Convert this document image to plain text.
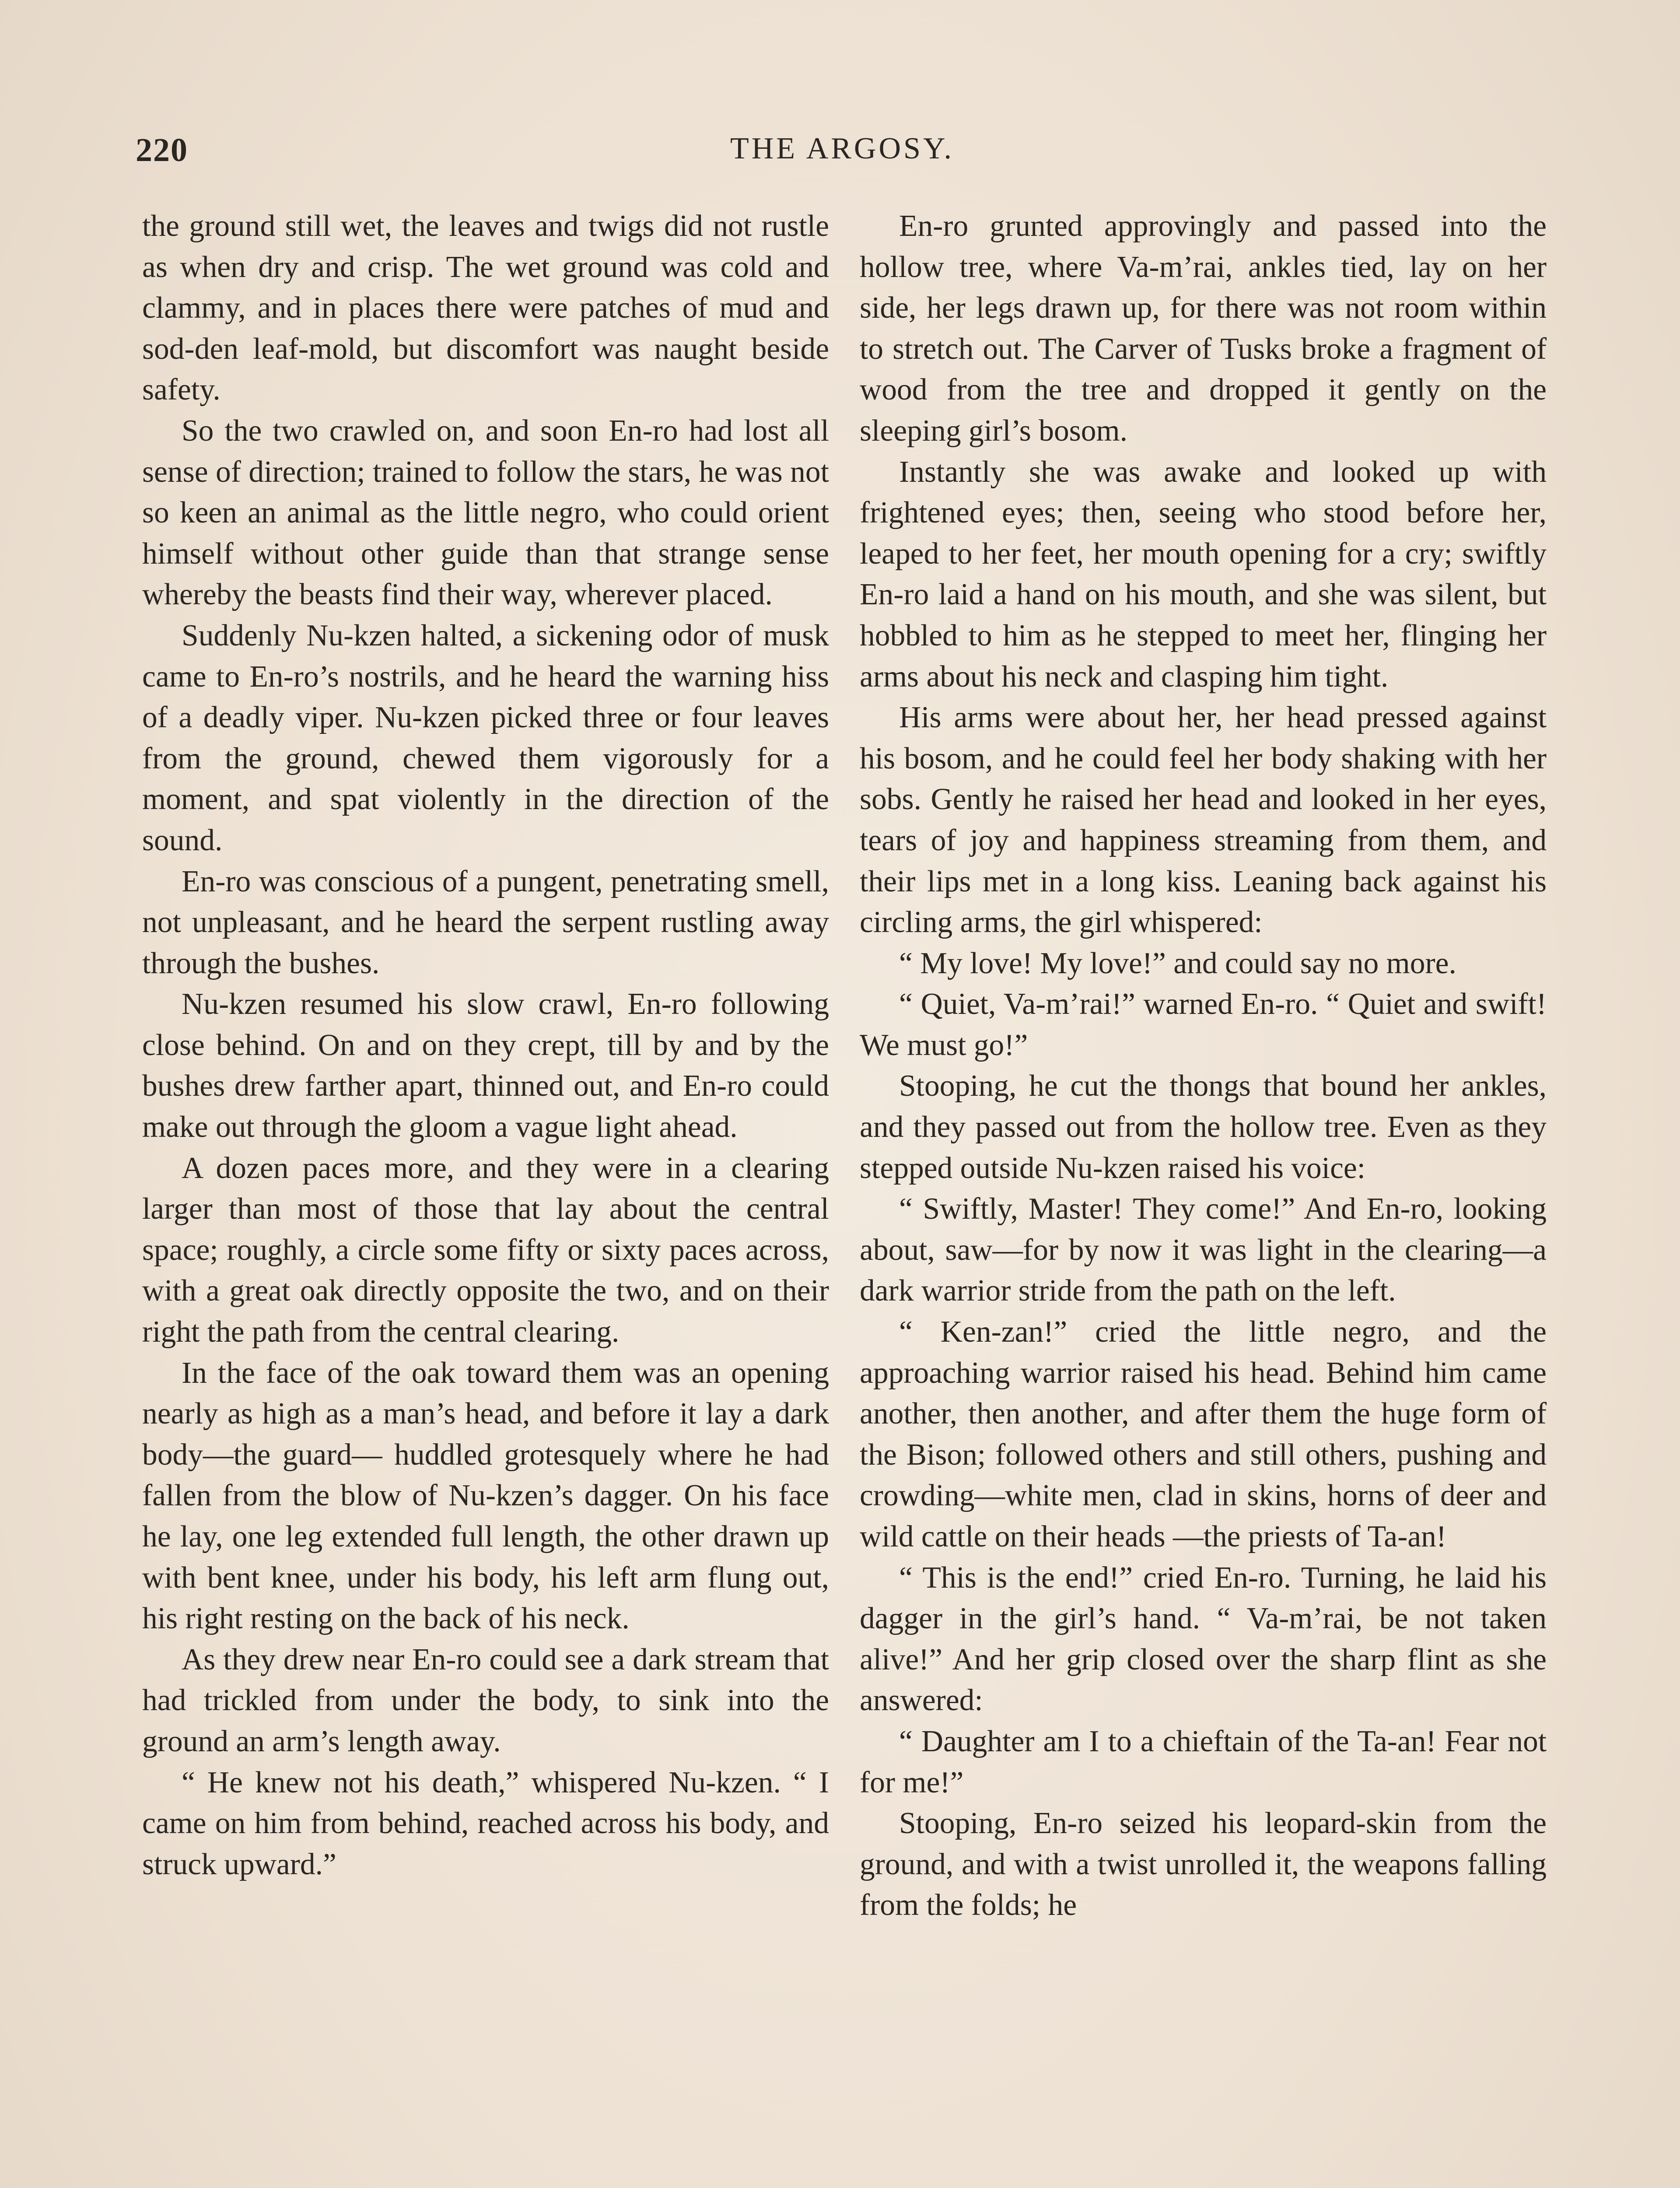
220	THE ARGOSY.

the ground still wet, the leaves and twigs did not rustle as when dry and crisp. The wet ground was cold and clammy, and in places there were patches of mud and sod-den leaf-mold, but discomfort was naught beside safety.

So the two crawled on, and soon En-ro had lost all sense of direction; trained to follow the stars, he was not so keen an animal as the little negro, who could orient himself without other guide than that strange sense whereby the beasts find their way, wherever placed.

Suddenly Nu-kzen halted, a sickening odor of musk came to En-ro’s nostrils, and he heard the warning hiss of a deadly viper. Nu-kzen picked three or four leaves from the ground, chewed them vigorously for a moment, and spat violently in the direction of the sound.

En-ro was conscious of a pungent, penetrating smell, not unpleasant, and he heard the serpent rustling away through the bushes.

Nu-kzen resumed his slow crawl, En-ro following close behind. On and on they crept, till by and by the bushes drew farther apart, thinned out, and En-ro could make out through the gloom a vague light ahead.

A dozen paces more, and they were in a clearing larger than most of those that lay about the central space; roughly, a circle some fifty or sixty paces across, with a great oak directly opposite the two, and on their right the path from the central clearing.

In the face of the oak toward them was an opening nearly as high as a man’s head, and before it lay a dark body—the guard— huddled grotesquely where he had fallen from the blow of Nu-kzen’s dagger. On his face he lay, one leg extended full length, the other drawn up with bent knee, under his body, his left arm flung out, his right resting on the back of his neck.

As they drew near En-ro could see a dark stream that had trickled from under the body, to sink into the ground an arm’s length away.

“ He knew not his death,” whispered Nu-kzen. “ I came on him from behind, reached across his body, and struck upward.”

En-ro grunted approvingly and passed into the hollow tree, where Va-m’rai, ankles tied, lay on her side, her legs drawn up, for there was not room within to stretch out. The Carver of Tusks broke a fragment of wood from the tree and dropped it gently on the sleeping girl’s bosom.

Instantly she was awake and looked up with frightened eyes; then, seeing who stood before her, leaped to her feet, her mouth opening for a cry; swiftly En-ro laid a hand on his mouth, and she was silent, but hobbled to him as he stepped to meet her, flinging her arms about his neck and clasping him tight.

His arms were about her, her head pressed against his bosom, and he could feel her body shaking with her sobs. Gently he raised her head and looked in her eyes, tears of joy and happiness streaming from them, and their lips met in a long kiss. Leaning back against his circling arms, the girl whispered:

“ My love! My love!” and could say no more.

“ Quiet, Va-m’rai!” warned En-ro. “ Quiet and swift! We must go!”

Stooping, he cut the thongs that bound her ankles, and they passed out from the hollow tree. Even as they stepped outside Nu-kzen raised his voice:

“ Swiftly, Master! They come!” And En-ro, looking about, saw—for by now it was light in the clearing—a dark warrior stride from the path on the left.

“ Ken-zan!” cried the little negro, and the approaching warrior raised his head. Behind him came another, then another, and after them the huge form of the Bison; followed others and still others, pushing and crowding—white men, clad in skins, horns of deer and wild cattle on their heads —the priests of Ta-an!

“ This is the end!” cried En-ro. Turning, he laid his dagger in the girl’s hand. “ Va-m’rai, be not taken alive!” And her grip closed over the sharp flint as she answered:

“ Daughter am I to a chieftain of the Ta-an! Fear not for me!”

Stooping, En-ro seized his leopard-skin from the ground, and with a twist unrolled it, the weapons falling from the folds; he
